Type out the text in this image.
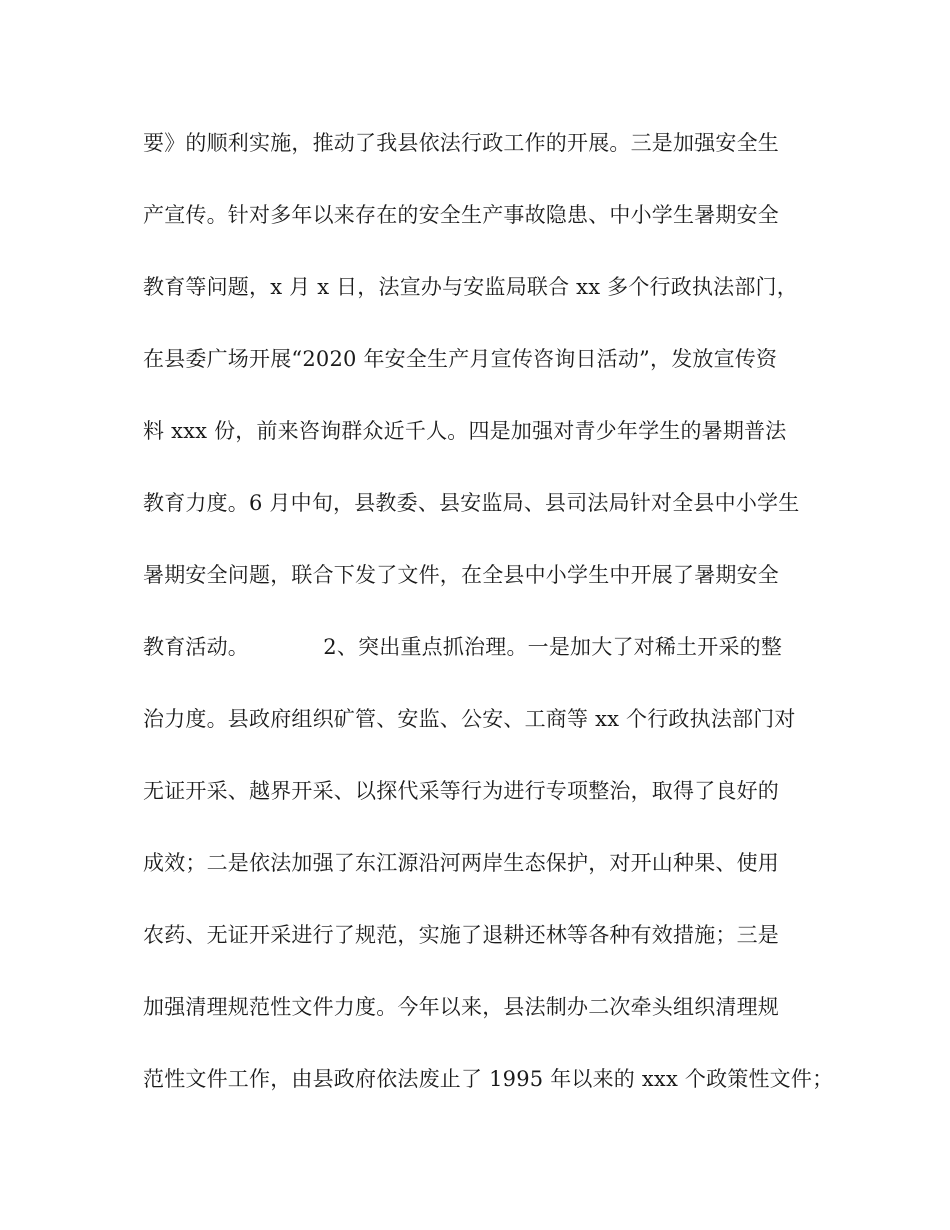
要》的顺利实施，推动了我县依法行政工作的开展。三是加强安全生
产宣传。针对多年以来存在的安全生产事故隐患、中小学生暑期安全
教育等问题，x 月 x 日，法宣办与安监局联合 xx 多个行政执法部门，
在县委广场开展“2020 年安全生产月宣传咨询日活动”，发放宣传资
料 xxx 份，前来咨询群众近千人。四是加强对青少年学生的暑期普法
教育力度。6 月中旬，县教委、县安监局、县司法局针对全县中小学生
暑期安全问题，联合下发了文件，在全县中小学生中开展了暑期安全
教育活动。　　　　2、突出重点抓治理。一是加大了对稀土开采的整
治力度。县政府组织矿管、安监、公安、工商等 xx 个行政执法部门对
无证开采、越界开采、以探代采等行为进行专项整治，取得了良好的
成效；二是依法加强了东江源沿河两岸生态保护，对开山种果、使用
农药、无证开采进行了规范，实施了退耕还林等各种有效措施；三是
加强清理规范性文件力度。今年以来，县法制办二次牵头组织清理规
范性文件工作，由县政府依法废止了 1995 年以来的 xxx 个政策性文件；
